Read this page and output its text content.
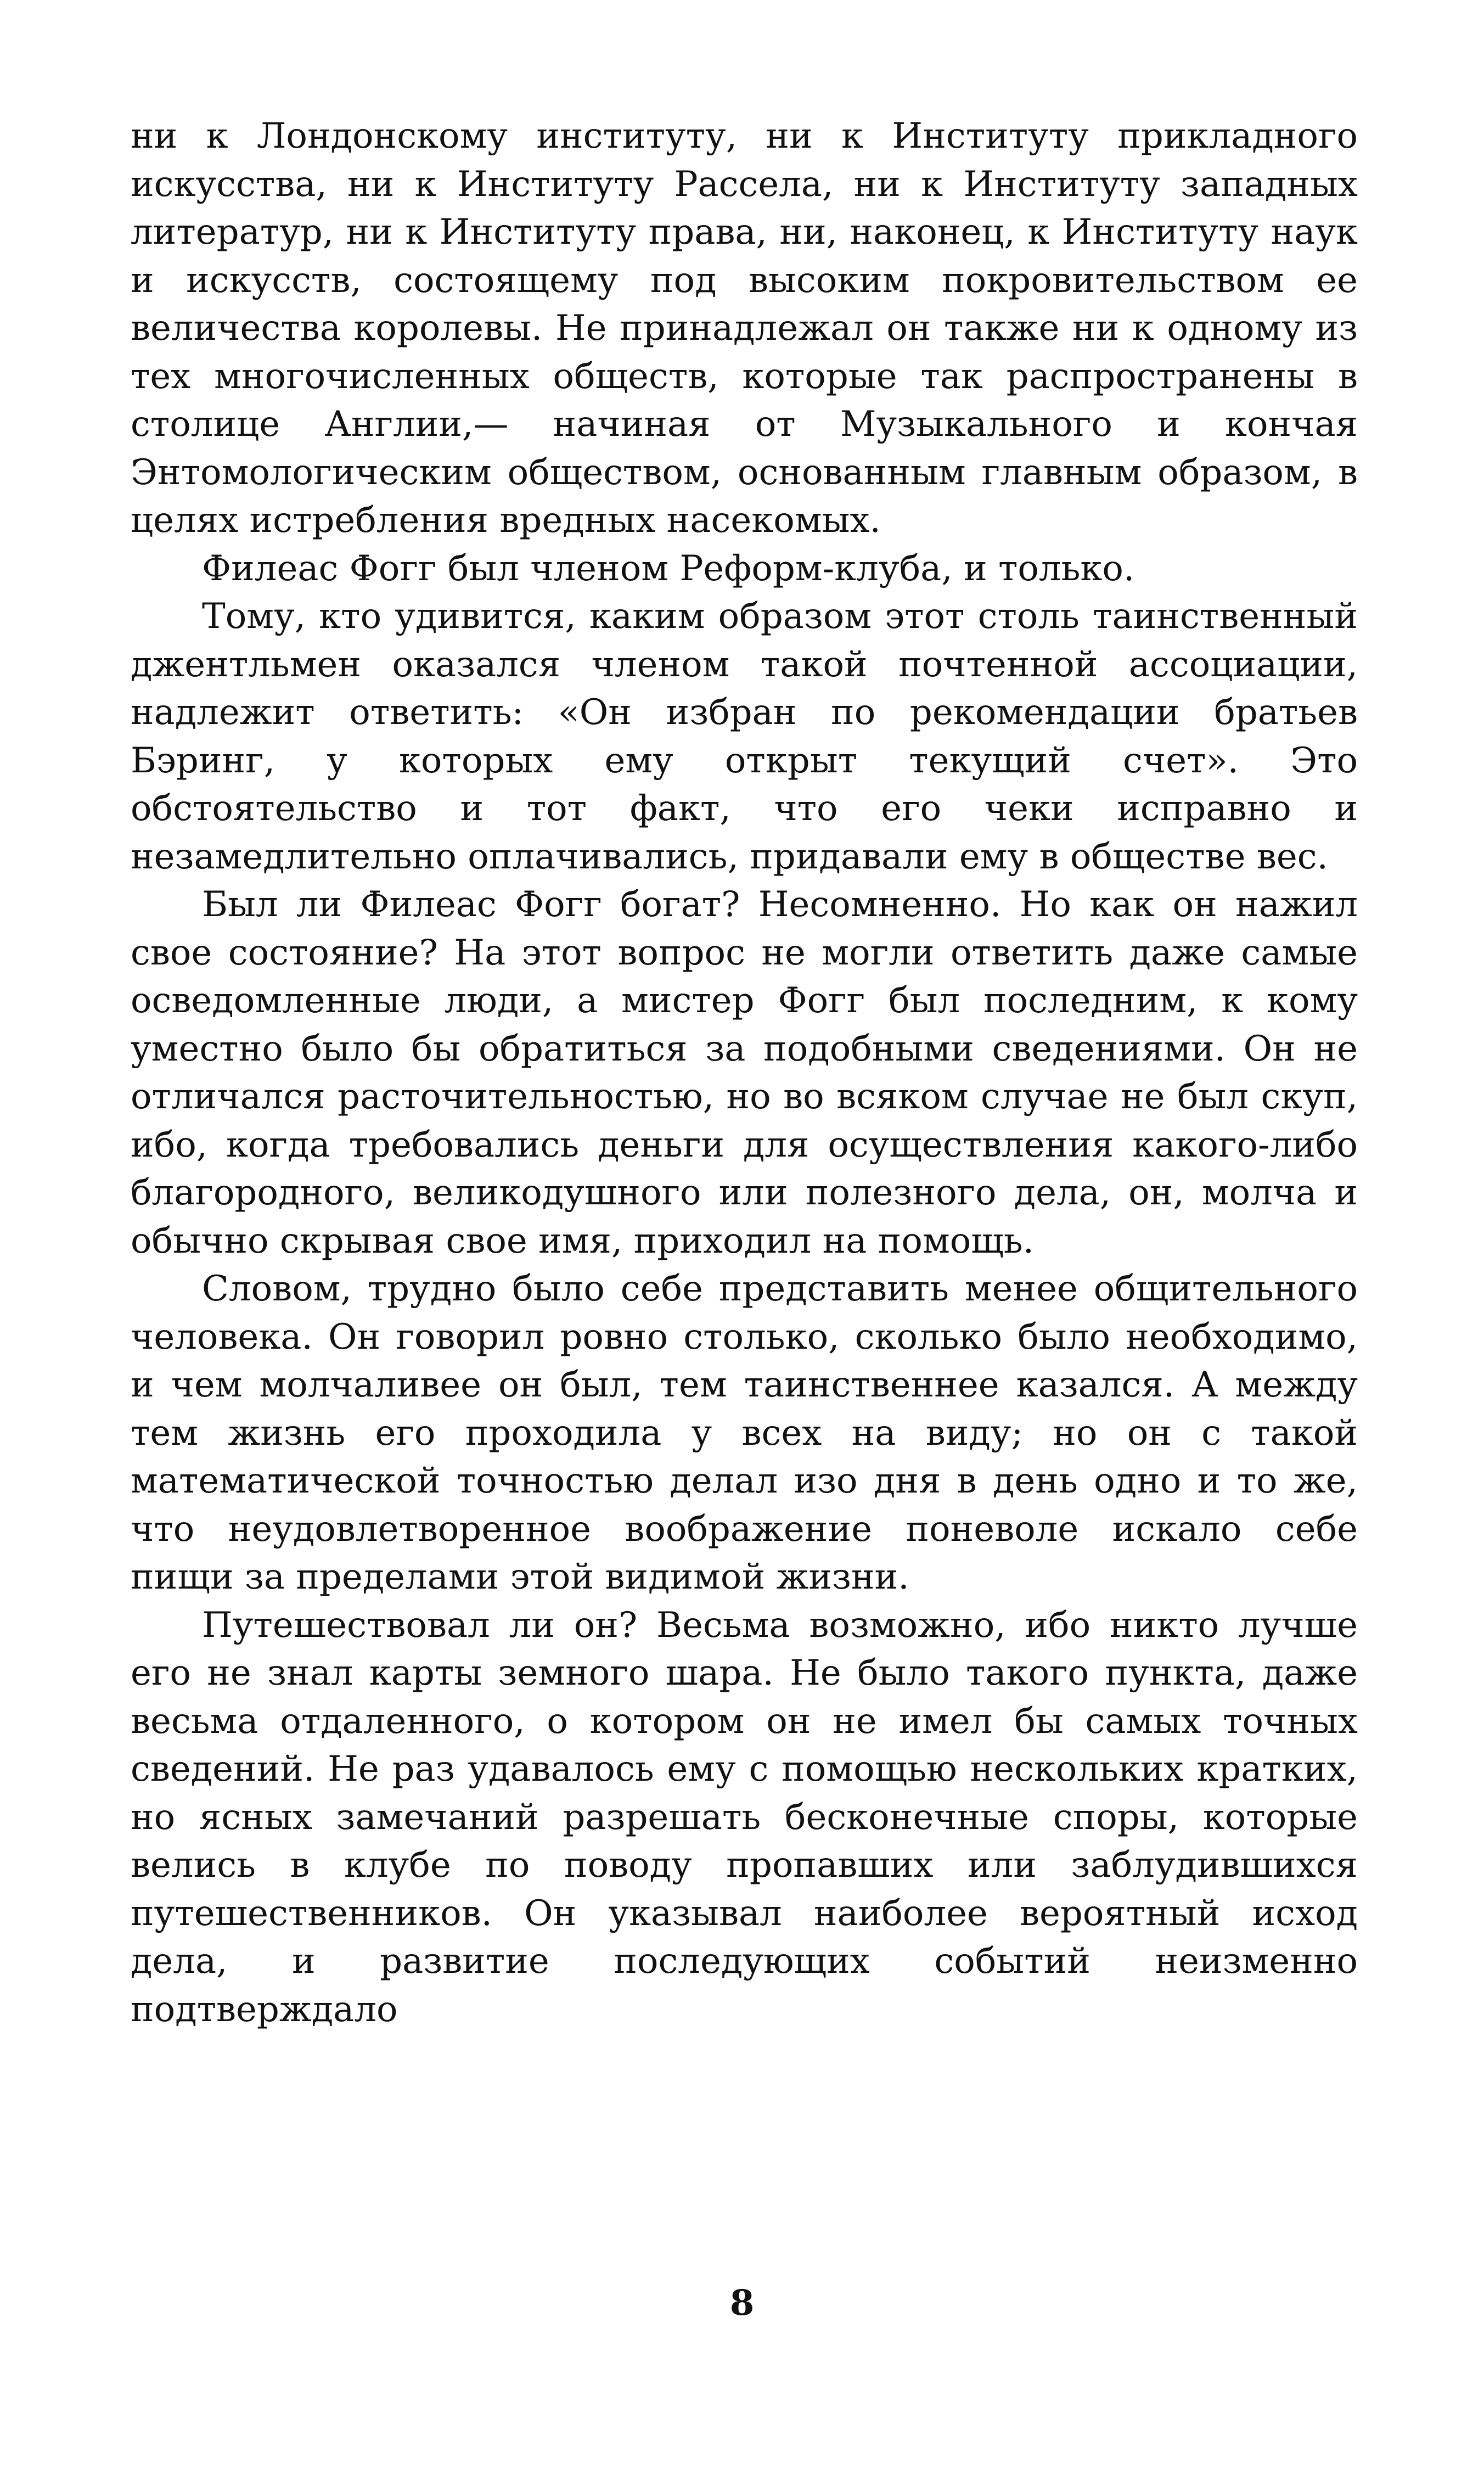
ни к Лондонскому институту, ни к Институту прикладного искусства, ни к Институту Рассела, ни к Институту западных литератур, ни к Институту права, ни, наконец, к Институту наук и искусств, состоящему под высоким покровительством ее величества королевы. Не принадлежал он также ни к одному из тех многочисленных обществ, которые так распространены в столице Англии,— начиная от Музыкального и кончая Энтомологическим обществом, основанным главным образом, в целях истребления вредных насекомых.

Филеас Фогг был членом Реформ-клуба, и только.

Тому, кто удивится, каким образом этот столь таинственный джентльмен оказался членом такой почтенной ассоциации, надлежит ответить: «Он избран по рекомендации братьев Бэринг, у которых ему открыт текущий счет». Это обстоятельство и тот факт, что его чеки исправно и незамедлительно оплачивались, придавали ему в обществе вес.

Был ли Филеас Фогг богат? Несомненно. Но как он нажил свое состояние? На этот вопрос не могли ответить даже самые осведомленные люди, а мистер Фогг был последним, к кому уместно было бы обратиться за подобными сведениями. Он не отличался расточительностью, но во всяком случае не был скуп, ибо, когда требовались деньги для осуществления какого-либо благородного, великодушного или полезного дела, он, молча и обычно скрывая свое имя, приходил на помощь.

Словом, трудно было себе представить менее общительного человека. Он говорил ровно столько, сколько было необходимо, и чем молчаливее он был, тем таинственнее казался. А между тем жизнь его проходила у всех на виду; но он с такой математической точностью делал изо дня в день одно и то же, что неудовлетворенное воображение поневоле искало себе пищи за пределами этой видимой жизни.

Путешествовал ли он? Весьма возможно, ибо никто лучше его не знал карты земного шара. Не было такого пункта, даже весьма отдаленного, о котором он не имел бы самых точных сведений. Не раз удавалось ему с помощью нескольких кратких, но ясных замечаний разрешать бесконечные споры, которые велись в клубе по поводу пропавших или заблудившихся путешественников. Он указывал наиболее вероятный исход дела, и развитие последующих событий неизменно подтверждало

8
